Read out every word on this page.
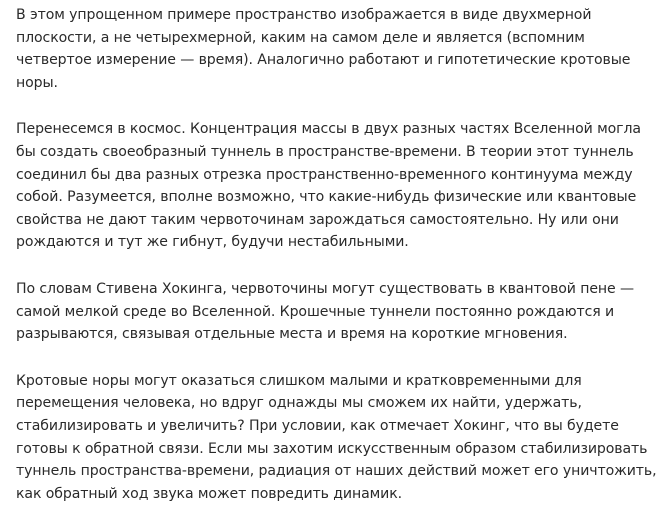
В этом упрощенном примере пространство изображается в виде двухмерной плоскости, а не четырехмерной, каким на самом деле и является (вспомним четвертое измерение — время). Аналогично работают и гипотетические кротовые норы.

Перенесемся в космос. Концентрация массы в двух разных частях Вселенной могла бы создать своеобразный туннель в пространстве-времени. В теории этот туннель соединил бы два разных отрезка пространственно-временного континуума между собой. Разумеется, вполне возможно, что какие-нибудь физические или квантовые свойства не дают таким червоточинам зарождаться самостоятельно. Ну или они рождаются и тут же гибнут, будучи нестабильными.

По словам Стивена Хокинга, червоточины могут существовать в квантовой пене — самой мелкой среде во Вселенной. Крошечные туннели постоянно рождаются и разрываются, связывая отдельные места и время на короткие мгновения.

Кротовые норы могут оказаться слишком малыми и кратковременными для перемещения человека, но вдруг однажды мы сможем их найти, удержать, стабилизировать и увеличить? При условии, как отмечает Хокинг, что вы будете готовы к обратной связи. Если мы захотим искусственным образом стабилизировать туннель пространства-времени, радиация от наших действий может его уничтожить, как обратный ход звука может повредить динамик.
